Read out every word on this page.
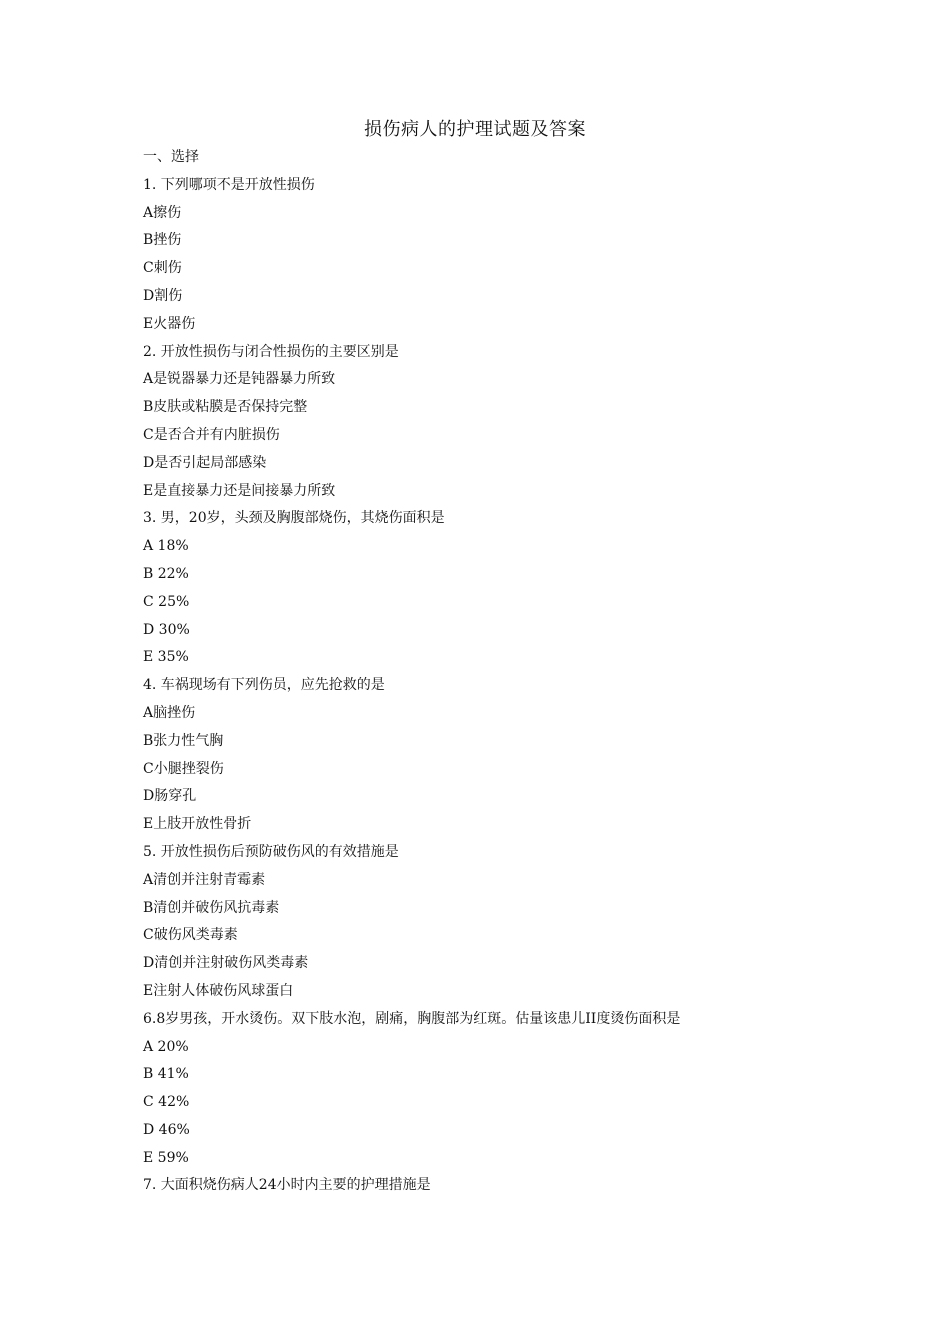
损伤病人的护理试题及答案
一、选择
1. 下列哪项不是开放性损伤
A擦伤
B挫伤
C刺伤
D割伤
E火器伤
2. 开放性损伤与闭合性损伤的主要区别是
A是锐器暴力还是钝器暴力所致
B皮肤或粘膜是否保持完整
C是否合并有内脏损伤
D是否引起局部感染
E是直接暴力还是间接暴力所致
3. 男，20岁，头颈及胸腹部烧伤，其烧伤面积是
A 18%
B 22%
C 25%
D 30%
E 35%
4. 车祸现场有下列伤员，应先抢救的是
A脑挫伤
B张力性气胸
C小腿挫裂伤
D肠穿孔
E上肢开放性骨折
5. 开放性损伤后预防破伤风的有效措施是
A清创并注射青霉素
B清创并破伤风抗毒素
C破伤风类毒素
D清创并注射破伤风类毒素
E注射人体破伤风球蛋白
6.8岁男孩，开水烫伤。双下肢水泡，剧痛，胸腹部为红斑。估量该患儿II度烫伤面积是
A 20%
B 41%
C 42%
D 46%
E 59%
7. 大面积烧伤病人24小时内主要的护理措施是
